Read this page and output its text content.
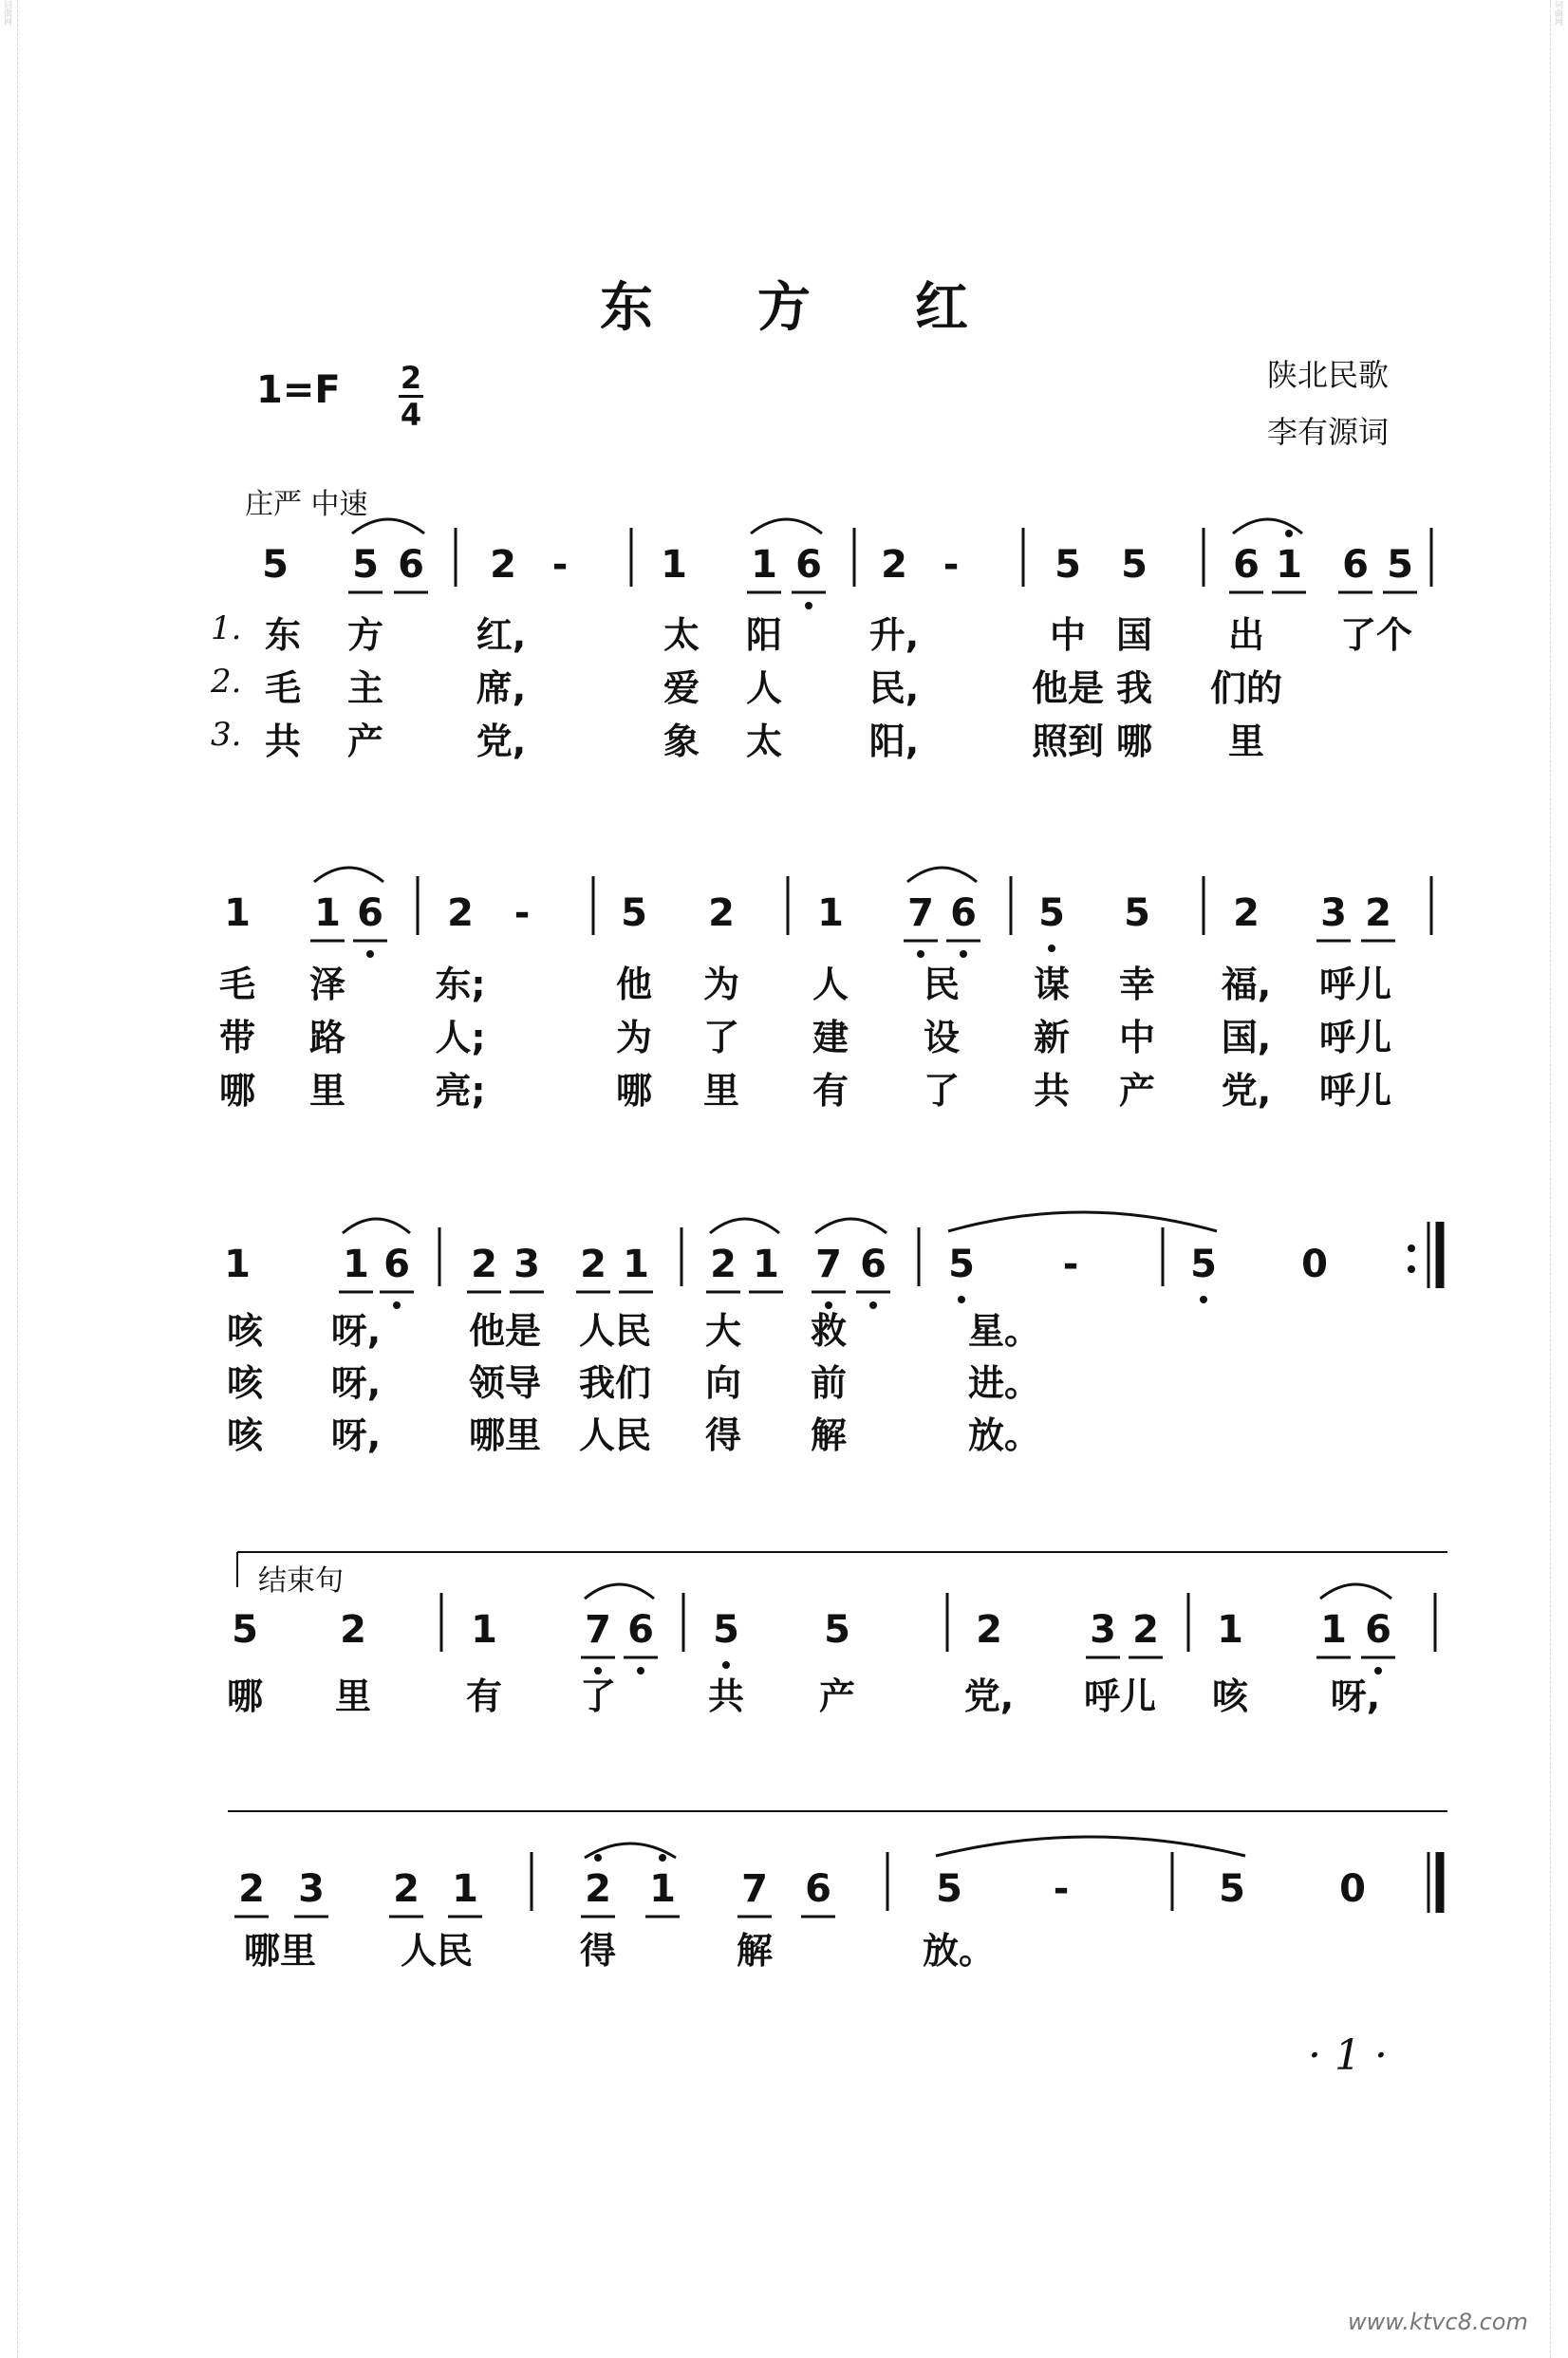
词曲网	词曲网
东方红
1=F 2
4
陕北民歌
李有源词
庄严 中速
结束句
5 5 6 2 - 1 1 6 2 -	5 5 6 1 6 5
1 1 6 2 - 5 2 1 7 6 5 5 2 3 2
1 1 6 2 3 2 1 2 1 7 6 5 -	5 0
5 2	1 7 6 5 5	2 3 2 1 1 6
2 3 2 1	2 1 7 6	5 -	5 0
1. 东 方	红,	太 阳 升,	中 国 出 了个
2. 毛 主	席,	爱 人 民,	他是 我 们的
3. 共 产	党,	象 太 阳,	照到 哪 里
毛 泽 东;	他 为 人 民 谋 幸 福, 呼儿
带 路 人;	为 了 建 设 新 中 国, 呼儿
哪 里 亮;	哪 里 有 了 共 产 党, 呼儿
咳 呀, 他是 人民 大 救	星。
咳 呀, 领导 我们 向 前	进。
咳 呀, 哪里 人民 得 解	放。
哪 里	有 了	共 产	党, 呼儿 咳 呀,
哪里 人民	得	解	放。
· 1 ·
www.ktvc8.com
